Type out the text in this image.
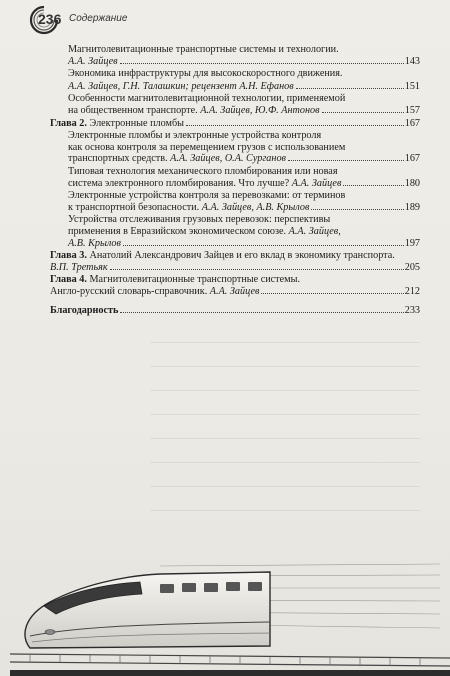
236 Содержание
Магнитолевитационные транспортные системы и технологии.
А.А. Зайцев	143
Экономика инфраструктуры для высокоскоростного движения.
А.А. Зайцев, Г.Н. Талашкин; рецензент А.Н. Ефанов	151
Особенности магнитолевитационной технологии, применяемой
на общественном транспорте. А.А. Зайцев, Ю.Ф. Антонов	157
Глава 2. Электронные пломбы	167
Электронные пломбы и электронные устройства контроля
как основа контроля за перемещением грузов с использованием
транспортных средств. А.А. Зайцев, О.А. Сурганов	167
Типовая технология механического пломбирования или новая
система электронного пломбирования. Что лучше? А.А. Зайцев	180
Электронные устройства контроля за перевозками: от терминов
к транспортной безопасности. А.А. Зайцев, А.В. Крылов	189
Устройства отслеживания грузовых перевозок: перспективы
применения в Евразийском экономическом союзе. А.А. Зайцев,
А.В. Крылов	197
Глава 3. Анатолий Александрович Зайцев и его вклад в экономику транспорта.
В.П. Третьяк	205
Глава 4. Магнитолевитационные транспортные системы.
Англо-русский словарь-справочник. А.А. Зайцев	212
Благодарность	233
